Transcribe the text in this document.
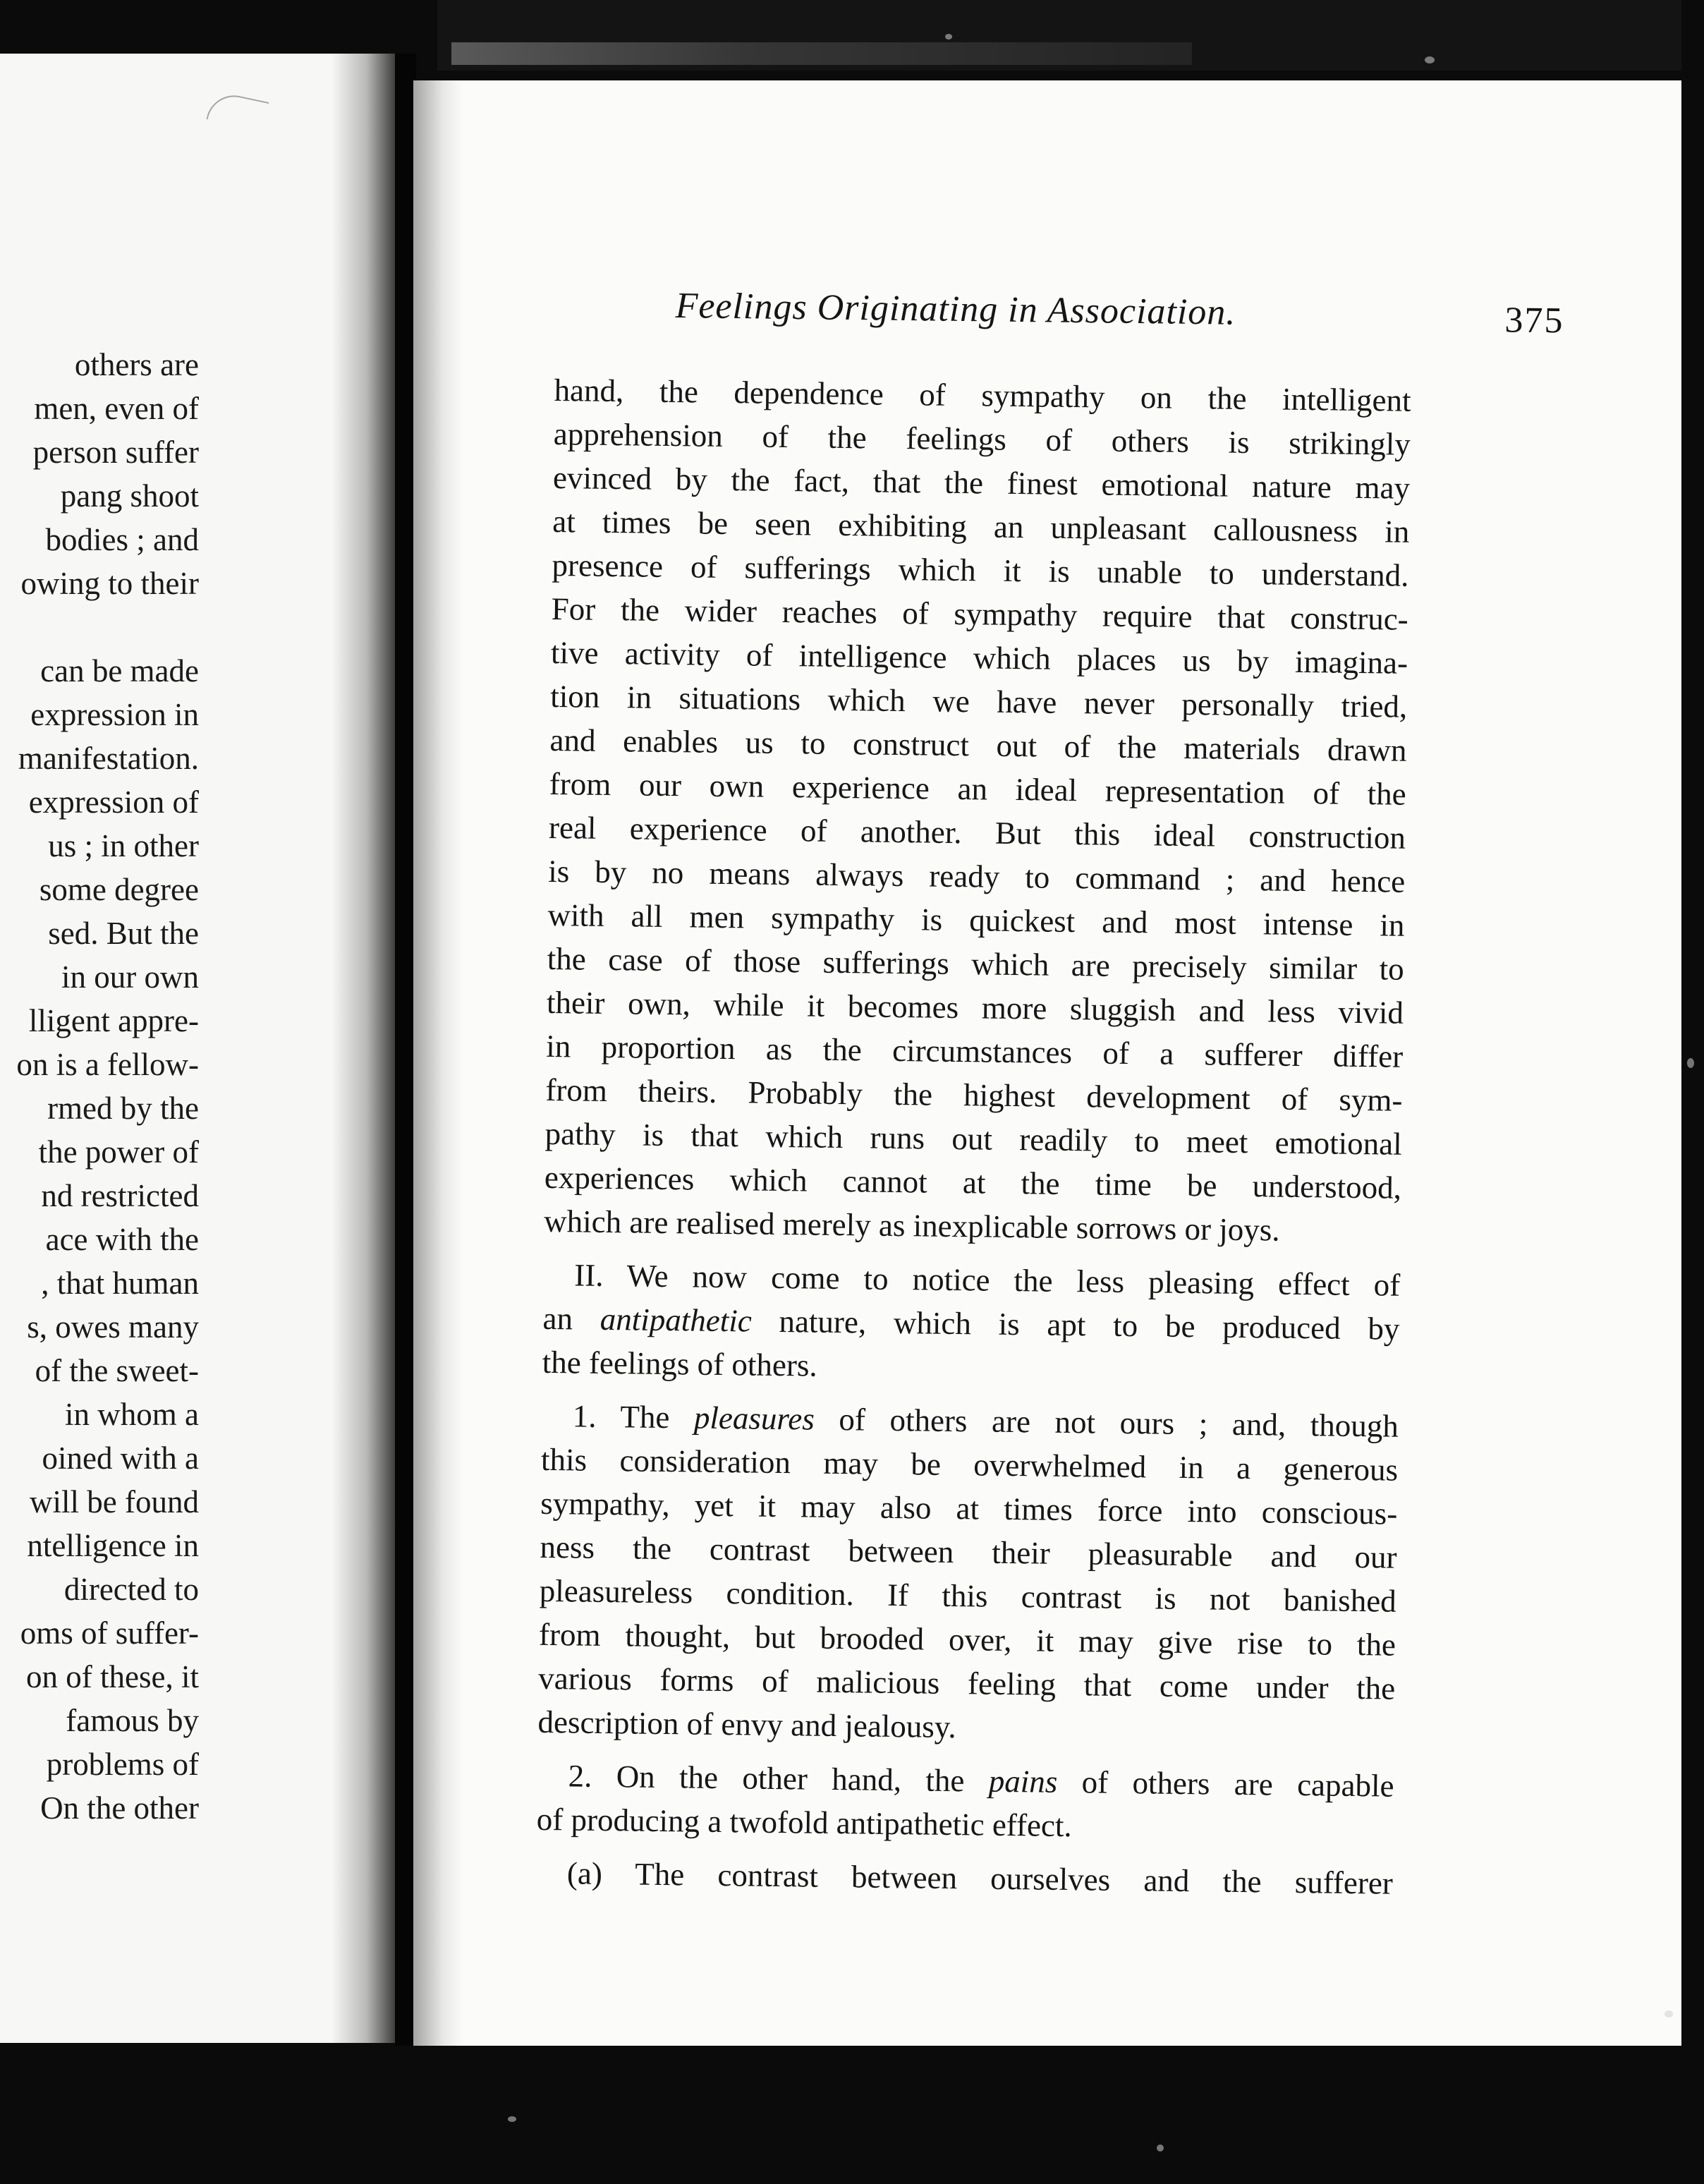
others are
men, even of
person suffer
pang shoot
bodies ; and
owing to their
can be made
expression in
manifestation.
expression of
us ; in other
some degree
sed. But the
in our own
lligent appre-
on is a fellow-
rmed by the
the power of
nd restricted
ace with the
, that human
s, owes many
of the sweet-
in whom a
oined with a
will be found
ntelligence in
directed to
oms of suffer-
on of these, it
famous by
problems of
On the other
Feelings Originating in Association.	375
hand, the dependence of sympathy on the intelligent
apprehension of the feelings of others is strikingly
evinced by the fact, that the finest emotional nature may
at times be seen exhibiting an unpleasant callousness in
presence of sufferings which it is unable to understand.
For the wider reaches of sympathy require that construc-
tive activity of intelligence which places us by imagina-
tion in situations which we have never personally tried,
and enables us to construct out of the materials drawn
from our own experience an ideal representation of the
real experience of another. But this ideal construction
is by no means always ready to command ; and hence
with all men sympathy is quickest and most intense in
the case of those sufferings which are precisely similar to
their own, while it becomes more sluggish and less vivid
in proportion as the circumstances of a sufferer differ
from theirs. Probably the highest development of sym-
pathy is that which runs out readily to meet emotional
experiences which cannot at the time be understood,
which are realised merely as inexplicable sorrows or joys.
II. We now come to notice the less pleasing effect of
an antipathetic nature, which is apt to be produced by
the feelings of others.
1. The pleasures of others are not ours ; and, though
this consideration may be overwhelmed in a generous
sympathy, yet it may also at times force into conscious-
ness the contrast between their pleasurable and our
pleasureless condition. If this contrast is not banished
from thought, but brooded over, it may give rise to the
various forms of malicious feeling that come under the
description of envy and jealousy.
2. On the other hand, the pains of others are capable
of producing a twofold antipathetic effect.
(a) The contrast between ourselves and the sufferer
